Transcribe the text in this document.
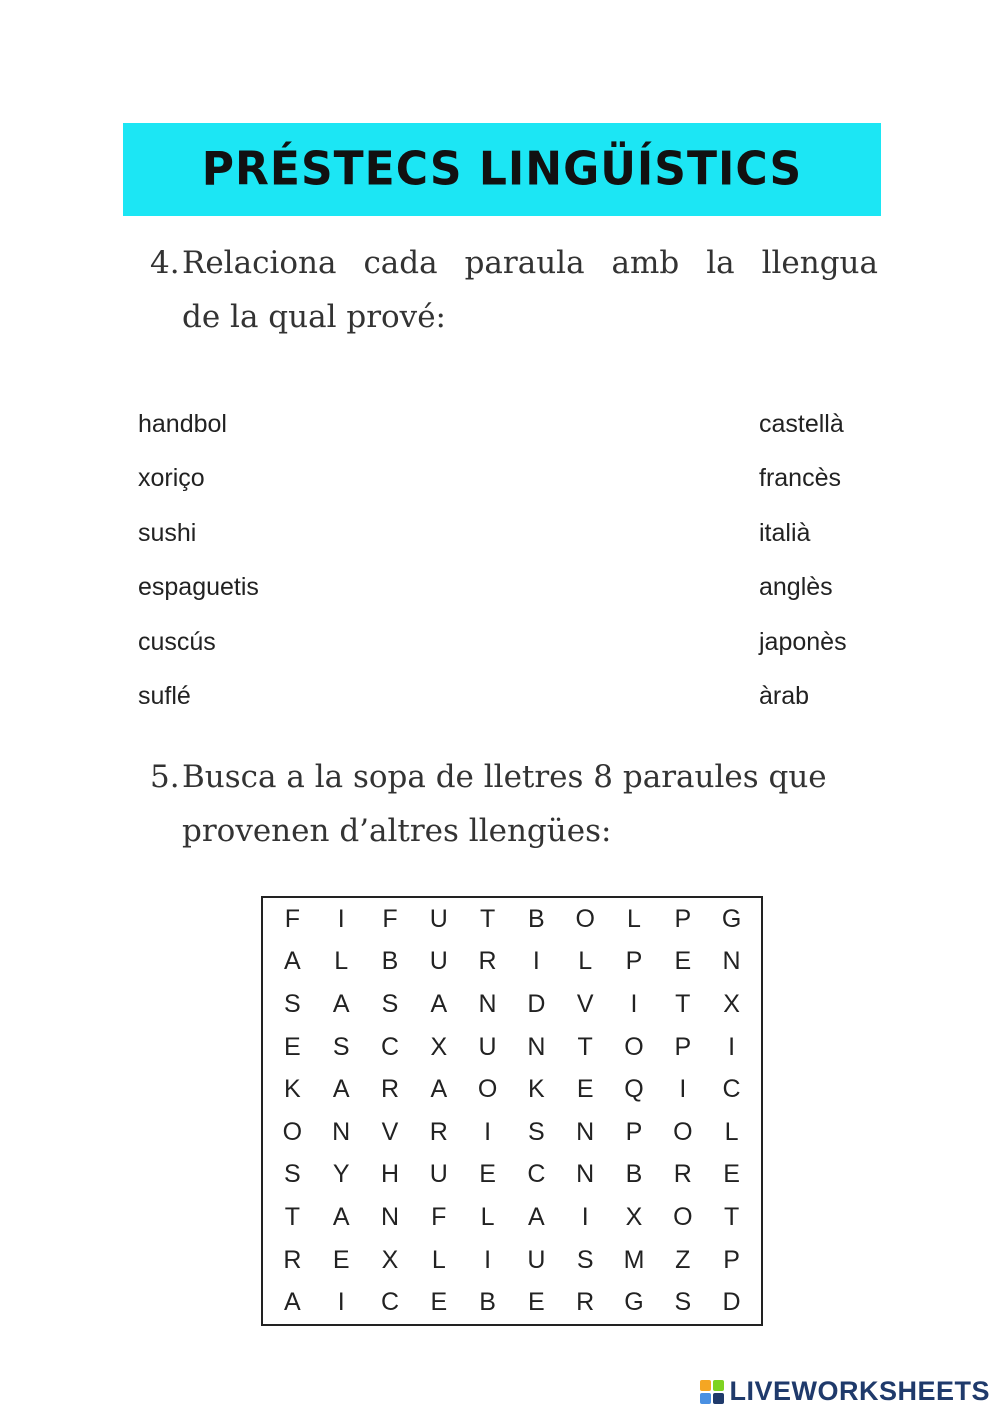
PRÉSTECS LINGÜÍSTICS
4.Relaciona cada paraula amb la llengua
de la qual prové:
handbol
xoriço
sushi
espaguetis
cuscús
suflé
castellà
francès
italià
anglès
japonès
àrab
5. Busca a la sopa de lletres 8 paraules que
provenen d’altres llengües:
F	I	F	U	T	B	O	L	P	G
A	L	B	U	R	I	L	P	E	N
S	A	S	A	N	D	V	I	T	X
E	S	C	X	U	N	T	O	P	I
K	A	R	A	O	K	E	Q	I	C
O	N	V	R	I	S	N	P	O	L
S	Y	H	U	E	C	N	B	R	E
T	A	N	F	L	A	I	X	O	T
R	E	X	L	I	U	S	M	Z	P
A	I	C	E	B	E	R	G	S	D
LIVEWORKSHEETS
